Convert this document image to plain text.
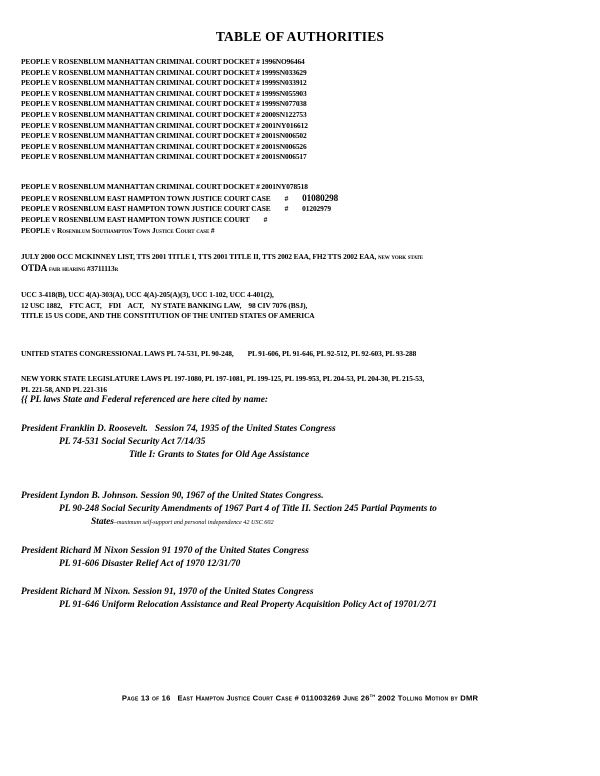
TABLE OF AUTHORITIES
PEOPLE V ROSENBLUM MANHATTAN CRIMINAL COURT DOCKET # 1996NO96464
PEOPLE V ROSENBLUM MANHATTAN CRIMINAL COURT DOCKET # 1999SN033629
PEOPLE V ROSENBLUM MANHATTAN CRIMINAL COURT DOCKET # 1999SN033912
PEOPLE V ROSENBLUM MANHATTAN CRIMINAL COURT DOCKET # 1999SN055903
PEOPLE V ROSENBLUM MANHATTAN CRIMINAL COURT DOCKET # 1999SN077038
PEOPLE V ROSENBLUM MANHATTAN CRIMINAL COURT DOCKET # 2000SN122753
PEOPLE V ROSENBLUM MANHATTAN CRIMINAL COURT DOCKET # 2001NY016612
PEOPLE V ROSENBLUM MANHATTAN CRIMINAL COURT DOCKET # 2001SN006502
PEOPLE V ROSENBLUM MANHATTAN CRIMINAL COURT DOCKET # 2001SN006526
PEOPLE V ROSENBLUM MANHATTAN CRIMINAL COURT DOCKET # 2001SN006517
PEOPLE V ROSENBLUM MANHATTAN CRIMINAL COURT DOCKET # 2001NY078518
PEOPLE V ROSENBLUM EAST HAMPTON TOWN JUSTICE COURT CASE # 01080298
PEOPLE V ROSENBLUM EAST HAMPTON TOWN JUSTICE COURT CASE # 01202979
PEOPLE V ROSENBLUM EAST HAMPTON TOWN JUSTICE COURT #
PEOPLE v Rosenblum Southampton Town Justice Court case #
JULY 2000 OCC MCKINNEY LIST, TTS 2001 TITLE I, TTS 2001 TITLE II, TTS 2002 EAA, FH2 TTS 2002 EAA, new york state
OTDA fair hearing #3711113r
UCC 3-418(B), UCC 4(A)-303(A), UCC 4(A)-205(A)(3), UCC 1-102, UCC 4-401(2),
12 USC 1882,    FTC ACT,    FDI    ACT,    NY STATE BANKING LAW,    98 CIV 7076 (BSJ),
TITLE 15 US CODE, AND THE CONSTITUTION OF THE UNITED STATES OF AMERICA
UNITED STATES CONGRESSIONAL LAWS PL 74-531, PL 90-248,        PL 91-606, PL 91-646, PL 92-512, PL 92-603, PL 93-288
NEW YORK STATE LEGISLATURE LAWS PL 197-1080, PL 197-1081, PL 199-125, PL 199-953, PL 204-53, PL 204-30, PL 215-53,
PL 221-58, AND PL 221-316
{{ PL laws State and Federal referenced are here cited by name:
President Franklin D. Roosevelt.   Session 74, 1935 of the United States Congress
PL 74-531 Social Security Act 7/14/35
Title I: Grants to States for Old Age Assistance
President Lyndon B. Johnson. Session 90, 1967 of the United States Congress.
PL 90-248 Social Security Amendments of 1967 Part 4 of Title II. Section 245 Partial Payments to
States–maximum self-support and personal independence 42 USC 602
President Richard M Nixon Session 91 1970 of the United States Congress
PL 91-606 Disaster Relief Act of 1970 12/31/70
President Richard M Nixon. Session 91, 1970 of the United States Congress
PL 91-646 Uniform Relocation Assistance and Real Property Acquisition Policy Act of 19701/2/71
Page 13 of 16 East Hampton Justice Court Case # 011003269 June 26th 2002 Tolling Motion by DMR
